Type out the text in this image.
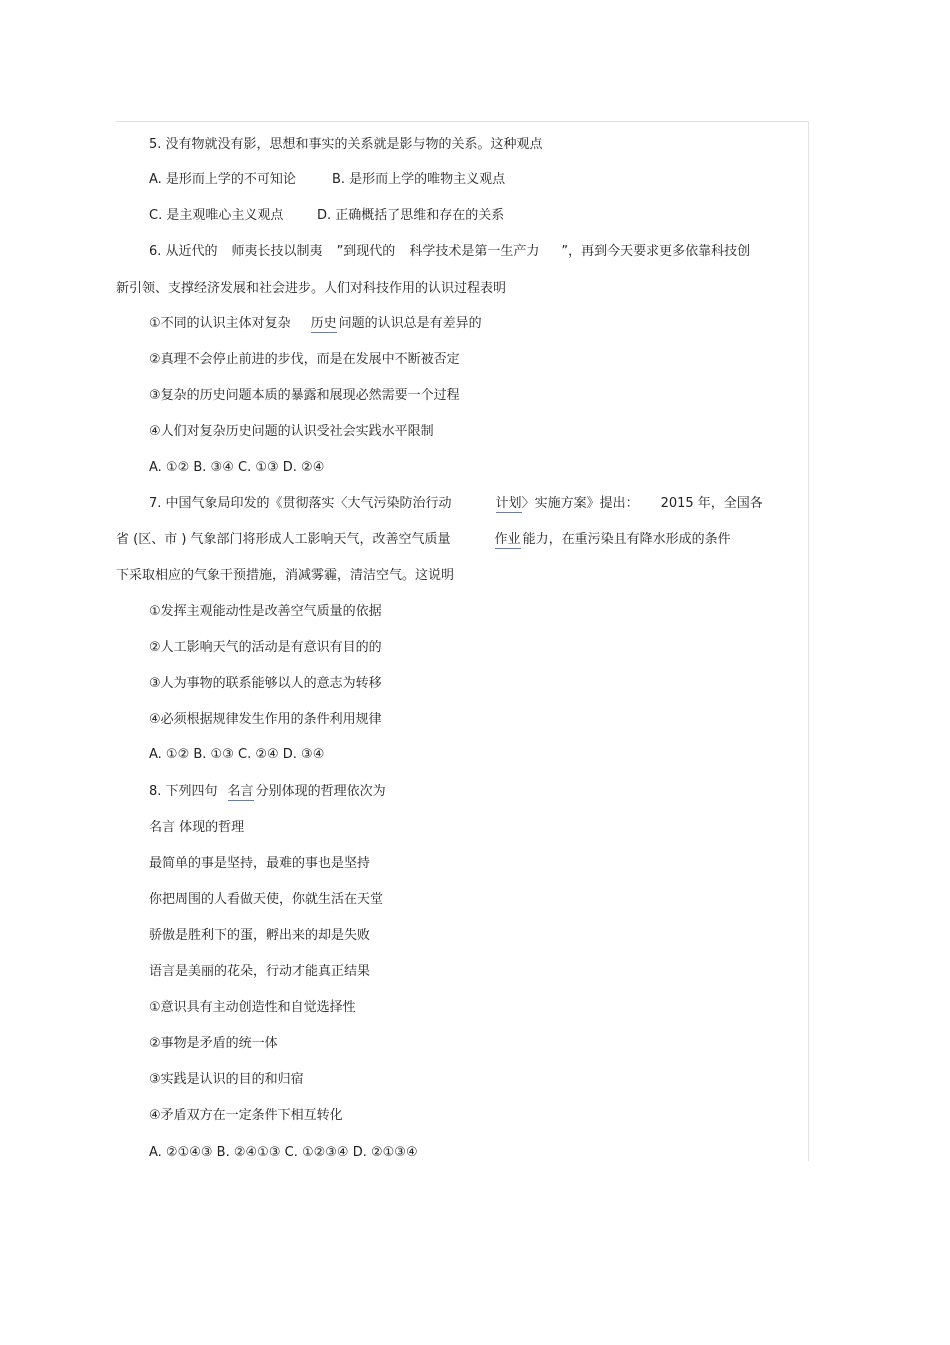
5. 没有物就没有影，思想和事实的关系就是影与物的关系。这种观点
A. 是形而上学的不可知论	B. 是形而上学的唯物主义观点
C. 是主观唯心主义观点	D. 正确概括了思维和存在的关系
6. 从近代的 师夷长技以制夷 ”到现代的 科学技术是第一生产力 ”，再到今天要求更多依靠科技创
新引领、支撑经济发展和社会进步。人们对科技作用的认识过程表明
①不同的认识主体对复杂 历史 问题的认识总是有差异的
②真理不会停止前进的步伐，而是在发展中不断被否定
③复杂的历史问题本质的暴露和展现必然需要一个过程
④人们对复杂历史问题的认识受社会实践水平限制
A. ①② B. ③④ C. ①③ D. ②④
7. 中国气象局印发的《贯彻落实〈大气污染防治行动	计划〉实施方案》提出： 2015 年，全国各
省 (区、市 ) 气象部门将形成人工影响天气，改善空气质量	作业 能力，在重污染且有降水形成的条件
下采取相应的气象干预措施，消减雾霾，清洁空气。这说明
①发挥主观能动性是改善空气质量的依据
②人工影响天气的活动是有意识有目的的
③人为事物的联系能够以人的意志为转移
④必须根据规律发生作用的条件利用规律
A. ①② B. ①③ C. ②④ D. ③④
8. 下列四句 名言 分别体现的哲理依次为
名言 体现的哲理
最简单的事是坚持，最难的事也是坚持
你把周围的人看做天使，你就生活在天堂
骄傲是胜利下的蛋，孵出来的却是失败
语言是美丽的花朵，行动才能真正结果
①意识具有主动创造性和自觉选择性
②事物是矛盾的统一体
③实践是认识的目的和归宿
④矛盾双方在一定条件下相互转化
A. ②①④③ B. ②④①③ C. ①②③④ D. ②①③④
